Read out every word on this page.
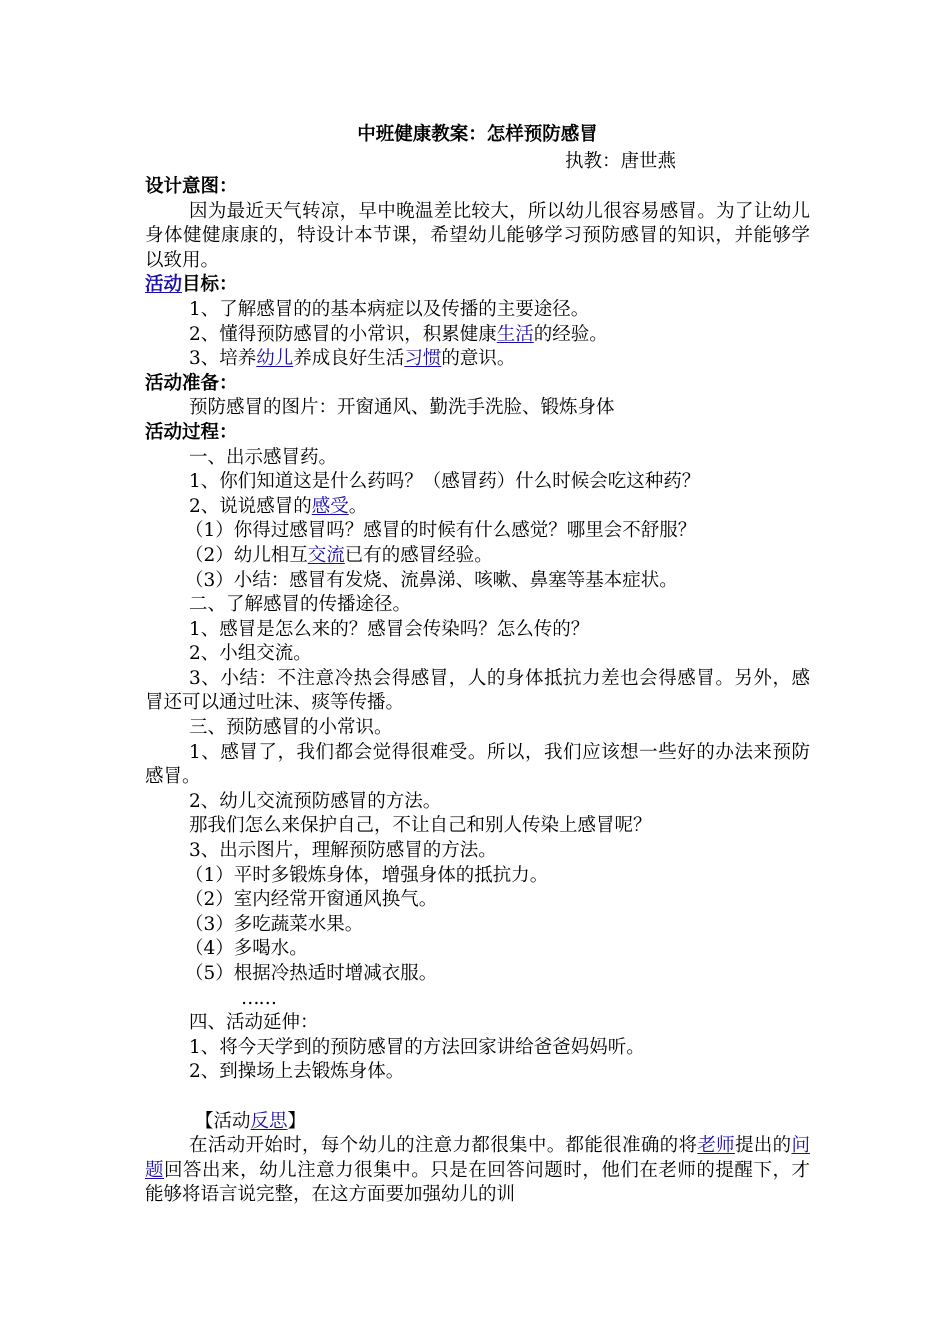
中班健康教案：怎样预防感冒
执教：唐世燕
设计意图：
因为最近天气转凉，早中晚温差比较大，所以幼儿很容易感冒。为了让幼儿身体健健康康的，特设计本节课，希望幼儿能够学习预防感冒的知识，并能够学以致用。
活动目标：
1、了解感冒的的基本病症以及传播的主要途径。
2、懂得预防感冒的小常识，积累健康生活的经验。
3、培养幼儿养成良好生活习惯的意识。
活动准备：
预防感冒的图片：开窗通风、勤洗手洗脸、锻炼身体
活动过程：
一、出示感冒药。
1、你们知道这是什么药吗？（感冒药）什么时候会吃这种药？
2、说说感冒的感受。
（1）你得过感冒吗？感冒的时候有什么感觉？哪里会不舒服？
（2）幼儿相互交流已有的感冒经验。
（3）小结：感冒有发烧、流鼻涕、咳嗽、鼻塞等基本症状。
二、了解感冒的传播途径。
1、感冒是怎么来的？感冒会传染吗？怎么传的？
2、小组交流。
3、小结：不注意冷热会得感冒，人的身体抵抗力差也会得感冒。另外，感冒还可以通过吐沫、痰等传播。
三、预防感冒的小常识。
1、感冒了，我们都会觉得很难受。所以，我们应该想一些好的办法来预防感冒。
2、幼儿交流预防感冒的方法。
那我们怎么来保护自己，不让自己和别人传染上感冒呢？
3、出示图片，理解预防感冒的方法。
（1）平时多锻炼身体，增强身体的抵抗力。
（2）室内经常开窗通风换气。
（3）多吃蔬菜水果。
（4）多喝水。
（5）根据冷热适时增减衣服。
……
四、活动延伸：
1、将今天学到的预防感冒的方法回家讲给爸爸妈妈听。
2、到操场上去锻炼身体。
【活动反思】
在活动开始时，每个幼儿的注意力都很集中。都能很准确的将老师提出的问题回答出来，幼儿注意力很集中。只是在回答问题时，他们在老师的提醒下，才能够将语言说完整，在这方面要加强幼儿的训
